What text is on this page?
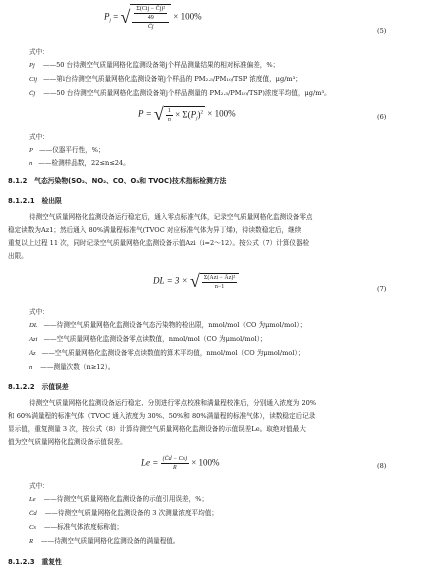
$P_j$ = √ $\frac{\frac{\text{Σ(Cij − C̄j)²}}{49}}{C̄j} \times 100\%$
(5)
式中：
Pj ——50 台待测空气质量网格化监测设备第j个样品测量结果的相对标准偏差，%；
Cij ——第i台待测空气质量网格化监测设备第j个样品的 PM₂.₅/PM₁₀/TSP 浓度值，μg/m³；
C̄j ——50 台待测空气质量网格化监测设备第j个样品测量的 PM₂.₅/PM₁₀/TSP)浓度平均值，μg/m³。
P = √ $\frac{1}{n} \times \Sigma(P_j)^2 \times 100\%$	(6)
式中：
P ——仪器平行性，%；
n ——检测样品数，22≤n≤24。
8.1.2　气态污染物(SO₂、NO₂、CO、O₃和 TVOC)技术指标检测方法
8.1.2.1　检出限
待测空气质量网格化监测设备运行稳定后，通入零点标准气体，记录空气质量网格化监测设备零点
稳定读数为Az1；然后通入 80%满量程标准气(TVOC 对应标准气体为异丁烯)，待读数稳定后，继续
重复以上过程 11 次，同时记录空气质量网格化监测设备示值Azi（i=2～12）。按公式（7）计算仪器检
出限。
DL = 3 × √ $\frac{\text{Σ(Azi − Āz)²}}{n-1}$	(7)
式中：
DL ——待测空气质量网格化监测设备气态污染物的检出限，nmol/mol（CO 为μmol/mol）；
Azi ——空气质量网格化监测设备零点读数值，nmol/mol（CO 为μmol/mol）；
Āz ——空气质量网格化监测设备零点读数值的算术平均值，nmol/mol（CO 为μmol/mol）；
n ——测量次数（n≥12）。
8.1.2.2　示值误差
待测空气质量网格化监测设备运行稳定、分别进行零点校准和满量程校准后，分别通入浓度为 20%
和 60%满量程的标准气体（TVOC 通入浓度为 30%、50%和 80%满量程的标准气体），读数稳定后记录
显示值，重复测量 3 次，按公式（8）计算待测空气质量网格化监测设备的示值误差Le。取绝对值最大
值为空气质量网格化监测设备示值误差。
$Le = \frac{(C̄d - Cs)}{R} \times 100\%$	(8)
式中：
Le ——待测空气质量网格化监测设备的示值引用误差，%；
C̄d ——待测空气质量网格化监测设备的 3 次测量浓度平均值；
Cs ——标准气体浓度标称值；
R ——待测空气质量网格化监测设备的满量程值。
8.1.2.3　重复性
